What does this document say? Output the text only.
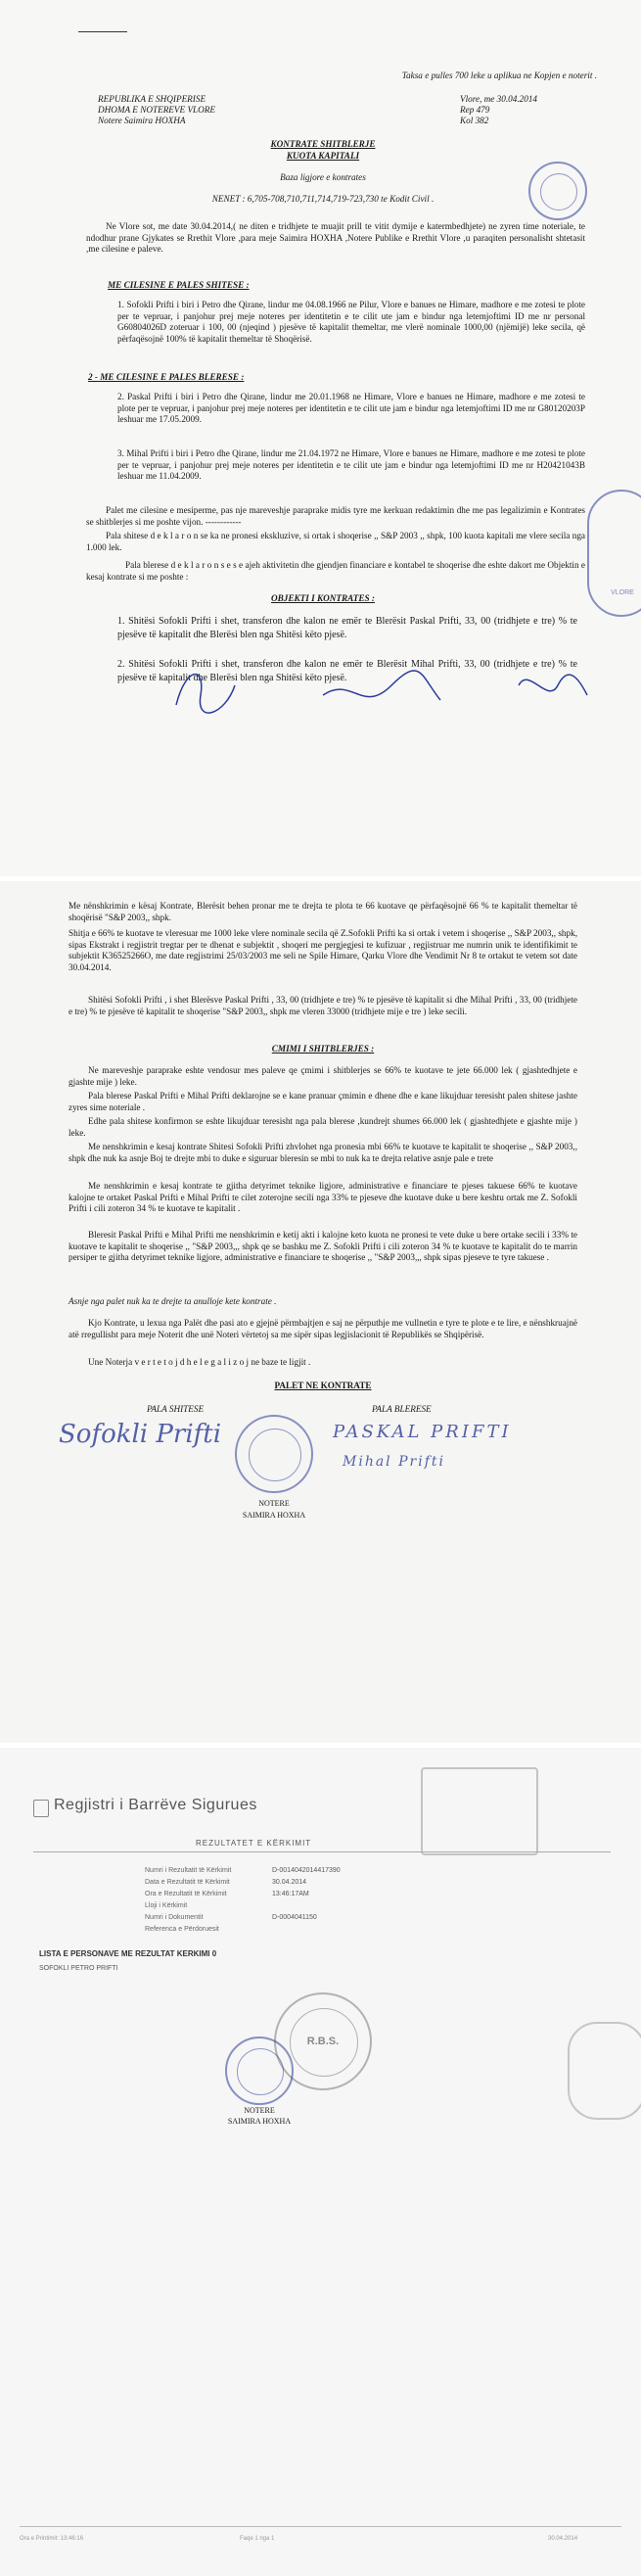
Taksa e pulles 700 leke u aplikua ne Kopjen e noterit .
REPUBLIKA E SHQIPERISE
DHOMA E NOTEREVE VLORE
Notere Saimira HOXHA
Vlore, me 30.04.2014
Rep 479
Kol 382
KONTRATE SHITBLERJE
KUOTA KAPITALI
Baza ligjore e kontrates
NENET : 6,705-708,710,711,714,719-723,730 te Kodit Civil .
Ne Vlore sot, me date 30.04.2014,( ne diten e tridhjete te muajit prill te vitit dymije e katermbedhjete) ne zyren time noteriale, te ndodhur prane Gjykates se Rrethit Vlore ,para meje Saimira HOXHA ,Notere Publike e Rrethit Vlore ,u paraqiten personalisht shtetasit ,me cilesine e paleve.
ME CILESINE E PALES SHITESE :
1. Sofokli Prifti i biri i Petro dhe Qirane, lindur me 04.08.1966 ne Pilur, Vlore e banues ne Himare, madhore e me zotesi te plote per te vepruar, i panjohur prej meje noteres per identitetin e te cilit ute jam e bindur nga letemjoftimi ID me nr personal G60804026D zoteruar i 100, 00 (njeqind ) pjesëve të kapitalit themeltar, me vlerë nominale 1000,00 (njëmijë) leke secila, që përfaqësojnë 100% të kapitalit themeltar të Shoqërisë.
2 - ME CILESINE E PALES BLERESE :
2. Paskal Prifti i biri i Petro dhe Qirane, lindur me 20.01.1968 ne Himare, Vlore e banues ne Himare, madhore e me zotesi te plote per te vepruar, i panjohur prej meje noteres per identitetin e te cilit ute jam e bindur nga letemjoftimi ID me nr G80120203P leshuar me 17.05.2009.
3. Mihal Prifti i biri i Petro dhe Qirane, lindur me 21.04.1972 ne Himare, Vlore e banues ne Himare, madhore e me zotesi te plote per te vepruar, i panjohur prej meje noteres per identitetin e te cilit ute jam e bindur nga letemjoftimi ID me nr H20421043B leshuar me 11.04.2009.
Palet me cilesine e mesiperme, pas nje mareveshje paraprake midis tyre me kerkuan redaktimin dhe me pas legalizimin e Kontrates se shitblerjes si me poshte vijon. ------------
Pala shitese d e k l a r o n se ka ne pronesi ekskluzive, si ortak i shoqerise ,, S&P 2003 ,, shpk, 100 kuota kapitali me vlere secila nga 1.000 lek.
Pala blerese d e k l a r o n s e s e ajeh aktivitetin dhe gjendjen financiare e kontabel te shoqerise dhe eshte dakort me Objektin e kesaj kontrate si me poshte :
OBJEKTI I KONTRATES :
1. Shitësi Sofokli Prifti i shet, transferon dhe kalon ne emër te Blerësit Paskal Prifti, 33, 00 (tridhjete e tre) % te pjesëve të kapitalit dhe Blerësi blen nga Shitësi këto pjesë.
2. Shitësi Sofokli Prifti i shet, transferon dhe kalon ne emër te Blerësit Mihal Prifti, 33, 00 (tridhjete e tre) % te pjesëve të kapitalit dhe Blerësi blen nga Shitësi këto pjesë.
VLORE
Me nënshkrimin e kësaj Kontrate, Blerësit behen pronar me te drejta te plota te 66 kuotave qe përfaqësojnë 66 % te kapitalit themeltar të shoqërisë "S&P 2003,, shpk.
Shitja e 66% te kuotave te vleresuar me 1000 leke vlere nominale secila që Z.Sofokli Prifti ka si ortak i vetem i shoqerise ,, S&P 2003,, shpk, sipas Ekstrakt i regjistrit tregtar per te dhenat e subjektit , shoqeri me pergjegjesi te kufizuar , regjistruar me numrin unik te identifikimit te subjektit K36525266O, me date regjistrimi 25/03/2003 me seli ne Spile Himare, Qarku Vlore dhe Vendimit Nr 8 te ortakut te vetem sot date 30.04.2014.
Shitësi Sofokli Prifti , i shet Blerësve Paskal Prifti , 33, 00 (tridhjete e tre) % te pjesëve të kapitalit si dhe Mihal Prifti , 33, 00 (tridhjete e tre) % te pjesëve të kapitalit te shoqerise "S&P 2003,, shpk me vleren 33000 (tridhjete mije e tre ) leke secili.
CMIMI I SHITBLERJES :
Ne mareveshje paraprake eshte vendosur mes paleve qe çmimi i shitblerjes se 66% te kuotave te jete 66.000 lek ( gjashtedhjete e gjashte mije ) leke.
Pala blerese Paskal Prifti e Mihal Prifti deklarojne se e kane pranuar çmimin e dhene dhe e kane likujduar teresisht palen shitese jashte zyres sime noteriale .
Edhe pala shitese konfirmon se eshte likujduar teresisht nga pala blerese ,kundrejt shumes 66.000 lek ( gjashtedhjete e gjashte mije ) leke.
Me nenshkrimin e kesaj kontrate Shitesi Sofokli Prifti zhvlohet nga pronesia mbi 66% te kuotave te kapitalit te shoqerise ,, S&P 2003,, shpk dhe nuk ka asnje Boj te drejte mbi to duke e siguruar bleresin se mbi to nuk ka te drejta relative asnje pale e trete
Me nenshkrimin e kesaj kontrate te gjitha detyrimet teknike ligjore, administrative e financiare te pjeses takuese 66% te kuotave kalojne te ortaket Paskal Prifti e Mihal Prifti te cilet zoterojne secili nga 33% te pjeseve dhe kuotave duke u bere keshtu ortak me Z. Sofokli Prifti i cili zoteron 34 % te kuotave te kapitalit .
Bleresit Paskal Prifti e Mihal Prifti me nenshkrimin e ketij akti i kalojne keto kuota ne pronesi te vete duke u bere ortake secili i 33% te kuotave te kapitalit te shoqerise ,, "S&P 2003,,, shpk qe se bashku me Z. Sofokli Prifti i cili zoteron 34 % te kuotave te kapitalit do te marrin persiper te gjitha detyrimet teknike ligjore, administrative e financiare te shoqerise ,, "S&P 2003,,, shpk sipas pjeseve te tyre takuese .
Asnje nga palet nuk ka te drejte ta anulloje kete kontrate .
Kjo Kontrate, u lexua nga Palët dhe pasi ato e gjejnë përmbajtjen e saj ne përputhje me vullnetin e tyre te plote e te lire, e nënshkruajnë atë rregullisht para meje Noterit dhe unë Noteri vërtetoj sa me sipër sipas legjislacionit të Republikës se Shqipërisë.
Une Noterja v e r t e t o j d h e l e g a l i z o j ne baze te ligjit .
PALET NE KONTRATE
PALA SHITESE	PALA BLERESE
Sofokli Prifti	PASKAL PRIFTI
Mihal Prifti
NOTERE
SAIMIRA HOXHA
Regjistri i Barrëve Sigurues
REZULTATET E KËRKIMIT
Numri i Rezultatit të Kërkimit	D-0014042014417390
Data e Rezultatit të Kërkimit	30.04.2014
Ora e Rezultatit të Kërkimit	13:46:17AM
Lloji i Kërkimit
Numri i Dokumentit	D-0004041150
Referenca e Përdoruesit
LISTA E PERSONAVE ME REZULTAT KERKIMI 0
SOFOKLI PETRO PRIFTI
R.B.S.
NOTERE
SAIMIRA HOXHA
Ora e Printimit: 13:46:16	Faqe 1 nga 1	30.04.2014
